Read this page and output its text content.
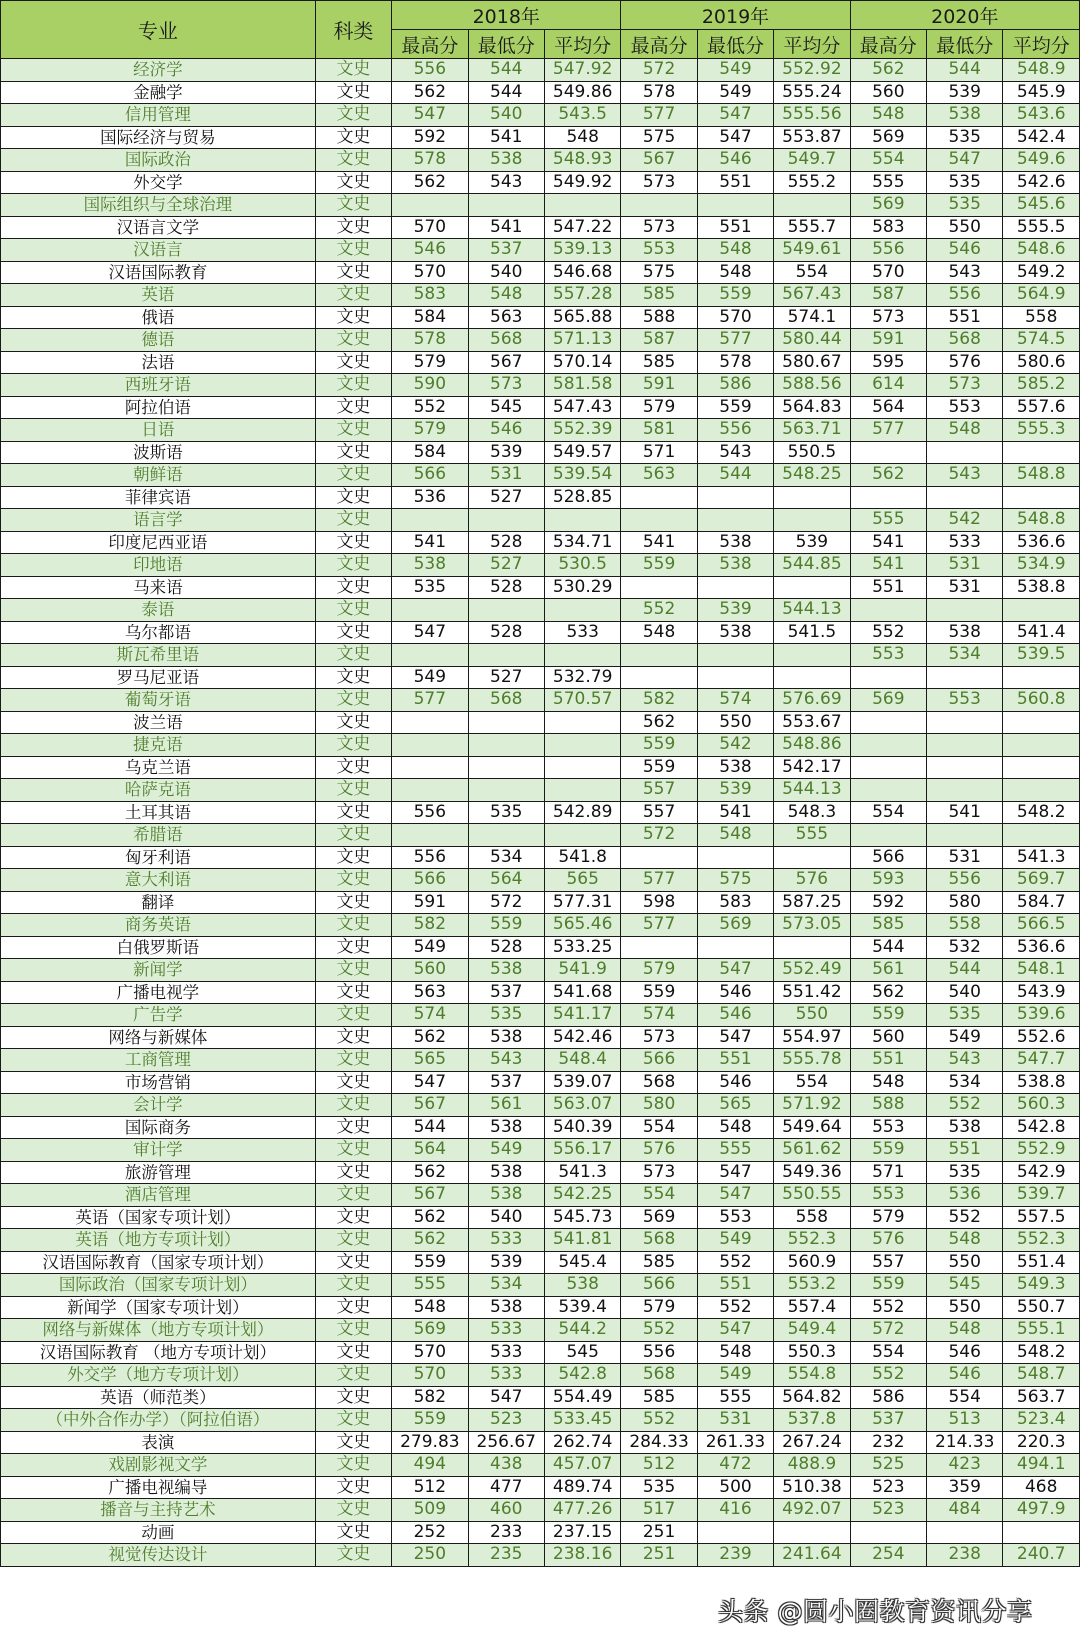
专业	科类	2018年			2019年			2020年		
		最高分	最低分	平均分	最高分	最低分	平均分	最高分	最低分	平均分
经济学	文史	556	544	547.92	572	549	552.92	562	544	548.9
金融学	文史	562	544	549.86	578	549	555.24	560	539	545.9
信用管理	文史	547	540	543.5	577	547	555.56	548	538	543.6
国际经济与贸易	文史	592	541	548	575	547	553.87	569	535	542.4
国际政治	文史	578	538	548.93	567	546	549.7	554	547	549.6
外交学	文史	562	543	549.92	573	551	555.2	555	535	542.6
国际组织与全球治理	文史							569	535	545.6
汉语言文学	文史	570	541	547.22	573	551	555.7	583	550	555.5
汉语言	文史	546	537	539.13	553	548	549.61	556	546	548.6
汉语国际教育	文史	570	540	546.68	575	548	554	570	543	549.2
英语	文史	583	548	557.28	585	559	567.43	587	556	564.9
俄语	文史	584	563	565.88	588	570	574.1	573	551	558
德语	文史	578	568	571.13	587	577	580.44	591	568	574.5
法语	文史	579	567	570.14	585	578	580.67	595	576	580.6
西班牙语	文史	590	573	581.58	591	586	588.56	614	573	585.2
阿拉伯语	文史	552	545	547.43	579	559	564.83	564	553	557.6
日语	文史	579	546	552.39	581	556	563.71	577	548	555.3
波斯语	文史	584	539	549.57	571	543	550.5			
朝鲜语	文史	566	531	539.54	563	544	548.25	562	543	548.8
菲律宾语	文史	536	527	528.85						
语言学	文史							555	542	548.8
印度尼西亚语	文史	541	528	534.71	541	538	539	541	533	536.6
印地语	文史	538	527	530.5	559	538	544.85	541	531	534.9
马来语	文史	535	528	530.29				551	531	538.8
泰语	文史				552	539	544.13			
乌尔都语	文史	547	528	533	548	538	541.5	552	538	541.4
斯瓦希里语	文史							553	534	539.5
罗马尼亚语	文史	549	527	532.79						
葡萄牙语	文史	577	568	570.57	582	574	576.69	569	553	560.8
波兰语	文史				562	550	553.67			
捷克语	文史				559	542	548.86			
乌克兰语	文史				559	538	542.17			
哈萨克语	文史				557	539	544.13			
土耳其语	文史	556	535	542.89	557	541	548.3	554	541	548.2
希腊语	文史				572	548	555			
匈牙利语	文史	556	534	541.8				566	531	541.3
意大利语	文史	566	564	565	577	575	576	593	556	569.7
翻译	文史	591	572	577.31	598	583	587.25	592	580	584.7
商务英语	文史	582	559	565.46	577	569	573.05	585	558	566.5
白俄罗斯语	文史	549	528	533.25				544	532	536.6
新闻学	文史	560	538	541.9	579	547	552.49	561	544	548.1
广播电视学	文史	563	537	541.68	559	546	551.42	562	540	543.9
广告学	文史	574	535	541.17	574	546	550	559	535	539.6
网络与新媒体	文史	562	538	542.46	573	547	554.97	560	549	552.6
工商管理	文史	565	543	548.4	566	551	555.78	551	543	547.7
市场营销	文史	547	537	539.07	568	546	554	548	534	538.8
会计学	文史	567	561	563.07	580	565	571.92	588	552	560.3
国际商务	文史	544	538	540.39	554	548	549.64	553	538	542.8
审计学	文史	564	549	556.17	576	555	561.62	559	551	552.9
旅游管理	文史	562	538	541.3	573	547	549.36	571	535	542.9
酒店管理	文史	567	538	542.25	554	547	550.55	553	536	539.7
英语（国家专项计划）	文史	562	540	545.73	569	553	558	579	552	557.5
英语（地方专项计划）	文史	562	533	541.81	568	549	552.3	576	548	552.3
汉语国际教育（国家专项计划）	文史	559	539	545.4	585	552	560.9	557	550	551.4
国际政治（国家专项计划）	文史	555	534	538	566	551	553.2	559	545	549.3
新闻学（国家专项计划）	文史	548	538	539.4	579	552	557.4	552	550	550.7
网络与新媒体（地方专项计划）	文史	569	533	544.2	552	547	549.4	572	548	555.1
汉语国际教育 （地方专项计划）	文史	570	533	545	556	548	550.3	554	546	548.2
外交学（地方专项计划）	文史	570	533	542.8	568	549	554.8	552	546	548.7
英语（师范类）	文史	582	547	554.49	585	555	564.82	586	554	563.7
（中外合作办学）（阿拉伯语）	文史	559	523	533.45	552	531	537.8	537	513	523.4
表演	文史	279.83	256.67	262.74	284.33	261.33	267.24	232	214.33	220.3
戏剧影视文学	文史	494	438	457.07	512	472	488.9	525	423	494.1
广播电视编导	文史	512	477	489.74	535	500	510.38	523	359	468
播音与主持艺术	文史	509	460	477.26	517	416	492.07	523	484	497.9
动画	文史	252	233	237.15	251					
视觉传达设计	文史	250	235	238.16	251	239	241.64	254	238	240.7
头条 @圆小圈教育资讯分享
